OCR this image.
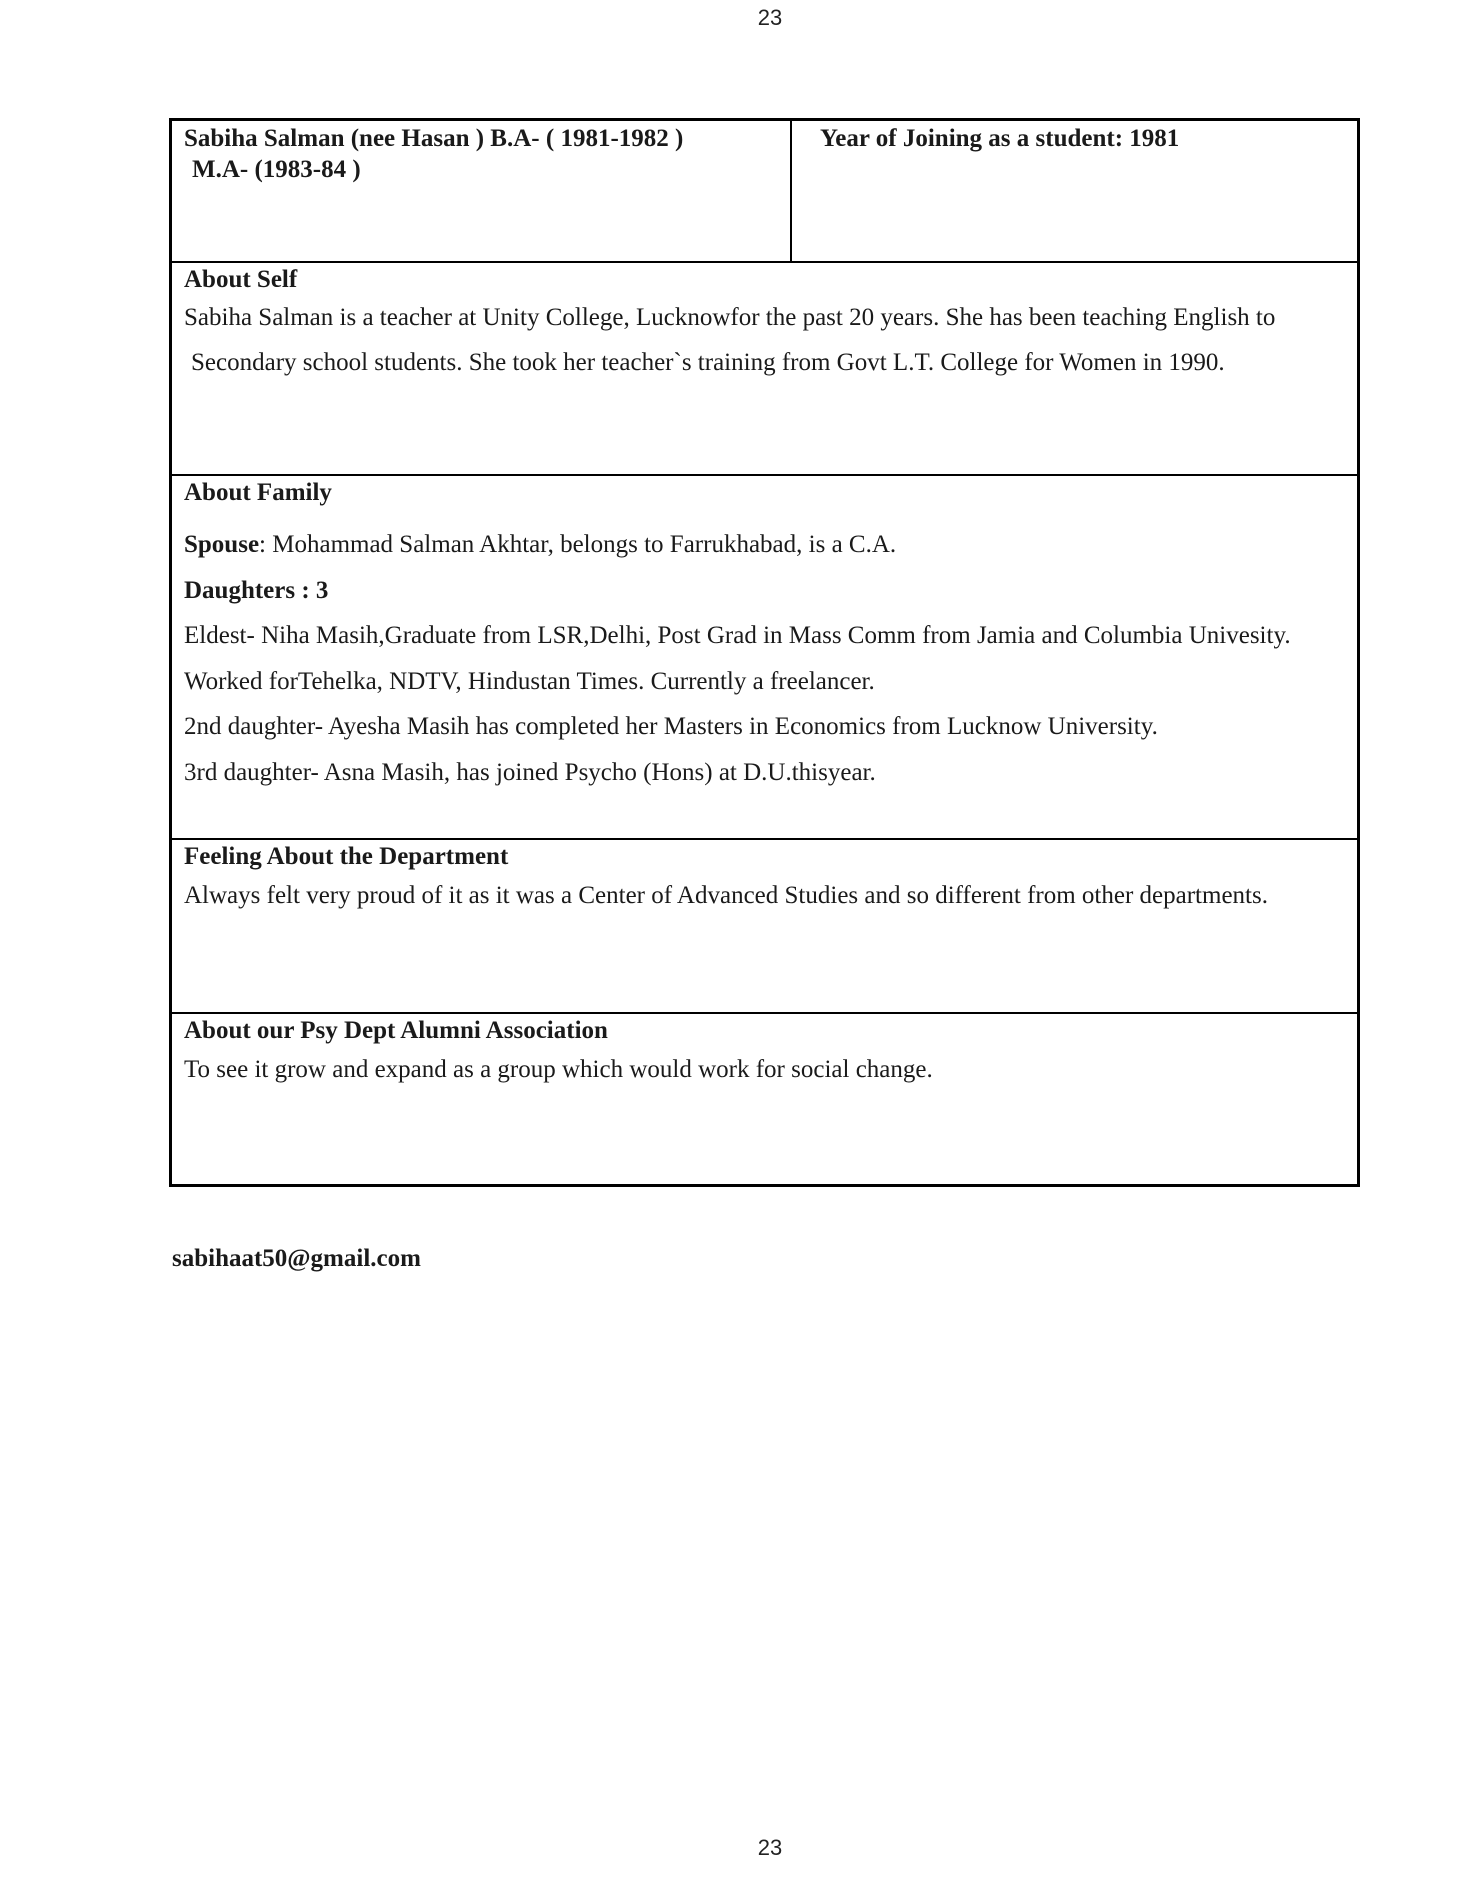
23
Sabiha Salman (nee Hasan ) B.A- ( 1981-1982 )
M.A- (1983-84 )
Year of Joining as a student: 1981
About Self
Sabiha Salman is a teacher at Unity College, Lucknowfor the past 20 years. She has been teaching English to
Secondary school students. She took her teacher`s training from Govt L.T. College for Women in 1990.
About Family
Spouse: Mohammad Salman Akhtar, belongs to Farrukhabad, is a C.A.
Daughters : 3
Eldest- Niha Masih,Graduate from LSR,Delhi, Post Grad in Mass Comm from Jamia and Columbia Univesity.
Worked forTehelka, NDTV, Hindustan Times. Currently a freelancer.
2nd daughter- Ayesha Masih has completed her Masters in Economics from Lucknow University.
3rd daughter- Asna Masih, has joined Psycho (Hons) at D.U.thisyear.
Feeling About the Department
Always felt very proud of it as it was a Center of Advanced Studies and so different from other departments.
About our Psy Dept Alumni Association
To see it grow and expand as a group which would work for social change.
sabihaat50@gmail.com
23
